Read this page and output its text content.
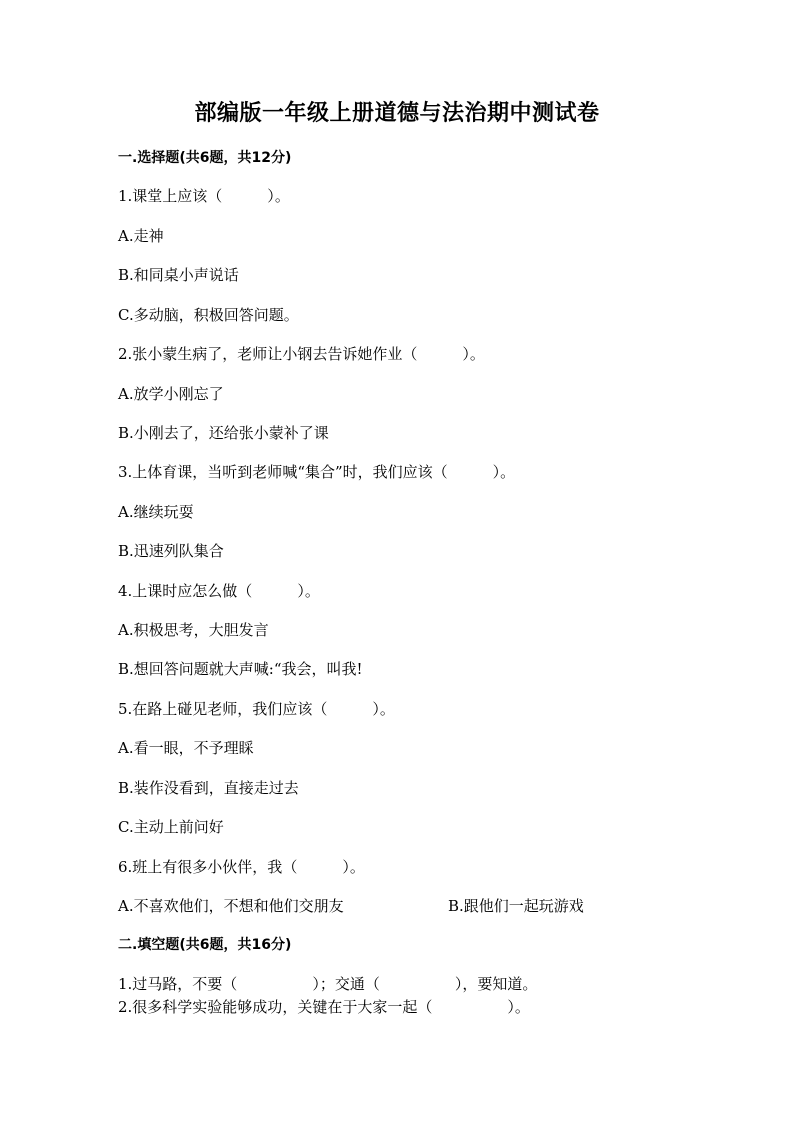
部编版一年级上册道德与法治期中测试卷
一.选择题(共6题，共12分)
1.课堂上应该（　　　）。
A.走神
B.和同桌小声说话
C.多动脑，积极回答问题。
2.张小蒙生病了，老师让小钢去告诉她作业（　　　）。
A.放学小刚忘了
B.小刚去了，还给张小蒙补了课
3.上体育课，当听到老师喊“集合”时，我们应该（　　　）。
A.继续玩耍
B.迅速列队集合
4.上课时应怎么做（　　　）。
A.积极思考，大胆发言
B.想回答问题就大声喊:“我会，叫我!
5.在路上碰见老师，我们应该（　　　）。
A.看一眼，不予理睬
B.装作没看到，直接走过去
C.主动上前问好
6.班上有很多小伙伴，我（　　　）。
A.不喜欢他们，不想和他们交朋友	B.跟他们一起玩游戏
二.填空题(共6题，共16分)
1.过马路，不要（　　　　　）；交通（　　　　　），要知道。
2.很多科学实验能够成功，关键在于大家一起（　　　　　）。
